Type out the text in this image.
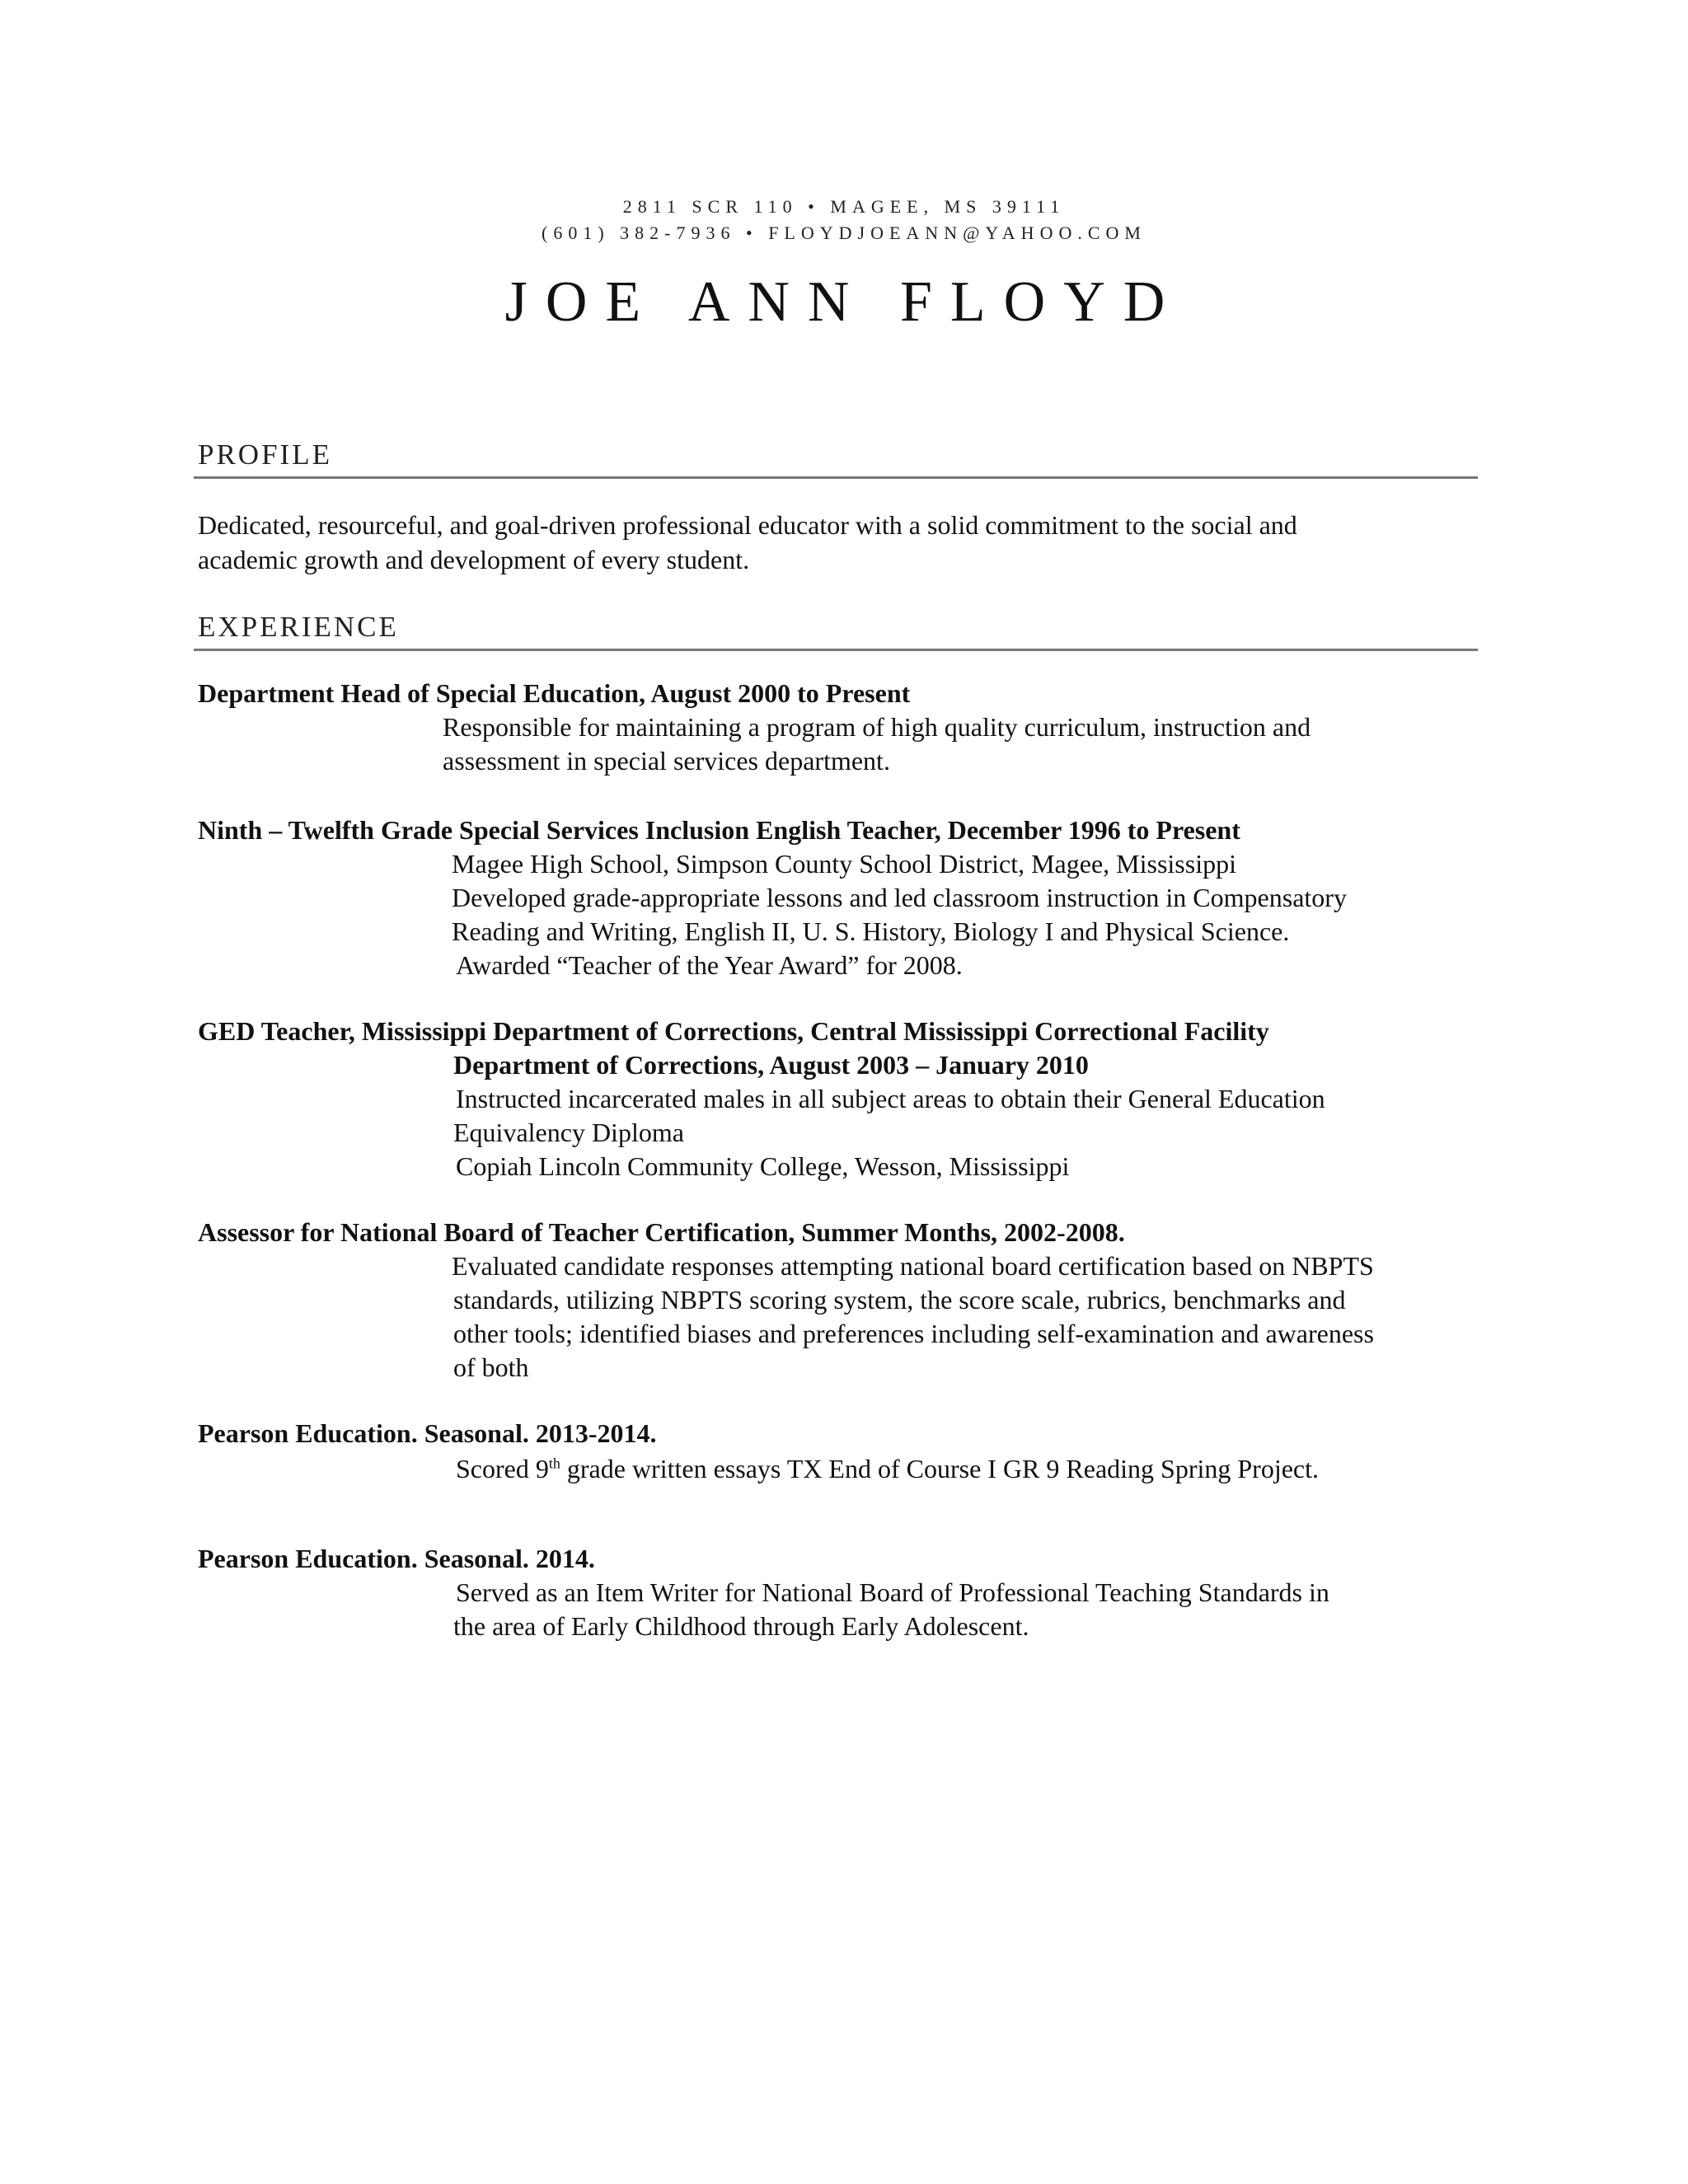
2811 SCR 110 • MAGEE, MS 39111
(601) 382-7936 • FLOYDJOEANN@YAHOO.COM
JOE ANN FLOYD
PROFILE
Dedicated, resourceful, and goal-driven professional educator with a solid commitment to the social and
academic growth and development of every student.
EXPERIENCE
Department Head of Special Education, August 2000 to Present
Responsible for maintaining a program of high quality curriculum, instruction and
assessment in special services department.
Ninth – Twelfth Grade Special Services Inclusion English Teacher, December 1996 to Present
Magee High School, Simpson County School District, Magee, Mississippi
Developed grade-appropriate lessons and led classroom instruction in Compensatory
Reading and Writing, English II, U. S. History, Biology I and Physical Science.
Awarded “Teacher of the Year Award” for 2008.
GED Teacher, Mississippi Department of Corrections, Central Mississippi Correctional Facility
Department of Corrections, August 2003 – January 2010
Instructed incarcerated males in all subject areas to obtain their General Education
Equivalency Diploma
Copiah Lincoln Community College, Wesson, Mississippi
Assessor for National Board of Teacher Certification, Summer Months, 2002-2008.
Evaluated candidate responses attempting national board certification based on NBPTS
standards, utilizing NBPTS scoring system, the score scale, rubrics, benchmarks and
other tools; identified biases and preferences including self-examination and awareness
of both
Pearson Education. Seasonal. 2013-2014.
Scored 9th grade written essays TX End of Course I GR 9 Reading Spring Project.
Pearson Education. Seasonal. 2014.
Served as an Item Writer for National Board of Professional Teaching Standards in
the area of Early Childhood through Early Adolescent.
